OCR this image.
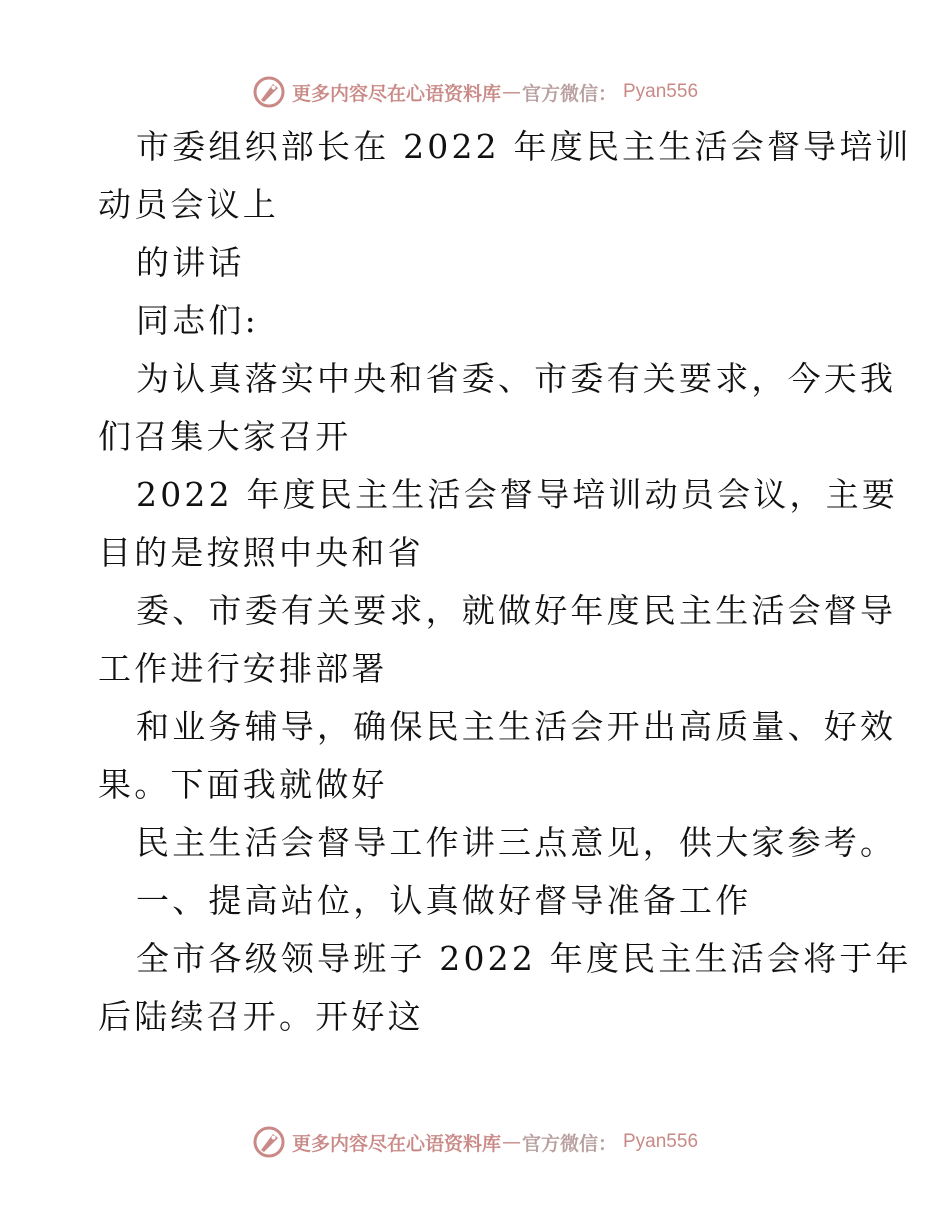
更多内容尽在心语资料库 — 官方微信： Pyan556
市委组织部长在 2022 年度民主生活会督导培训
动员会议上
的讲话
同志们:
为认真落实中央和省委、市委有关要求，今天我
们召集大家召开
2022 年度民主生活会督导培训动员会议，主要
目的是按照中央和省
委、市委有关要求，就做好年度民主生活会督导
工作进行安排部署
和业务辅导，确保民主生活会开出高质量、好效
果。下面我就做好
民主生活会督导工作讲三点意见，供大家参考。
一、提高站位，认真做好督导准备工作
全市各级领导班子 2022 年度民主生活会将于年
后陆续召开。开好这
更多内容尽在心语资料库 — 官方微信： Pyan556
